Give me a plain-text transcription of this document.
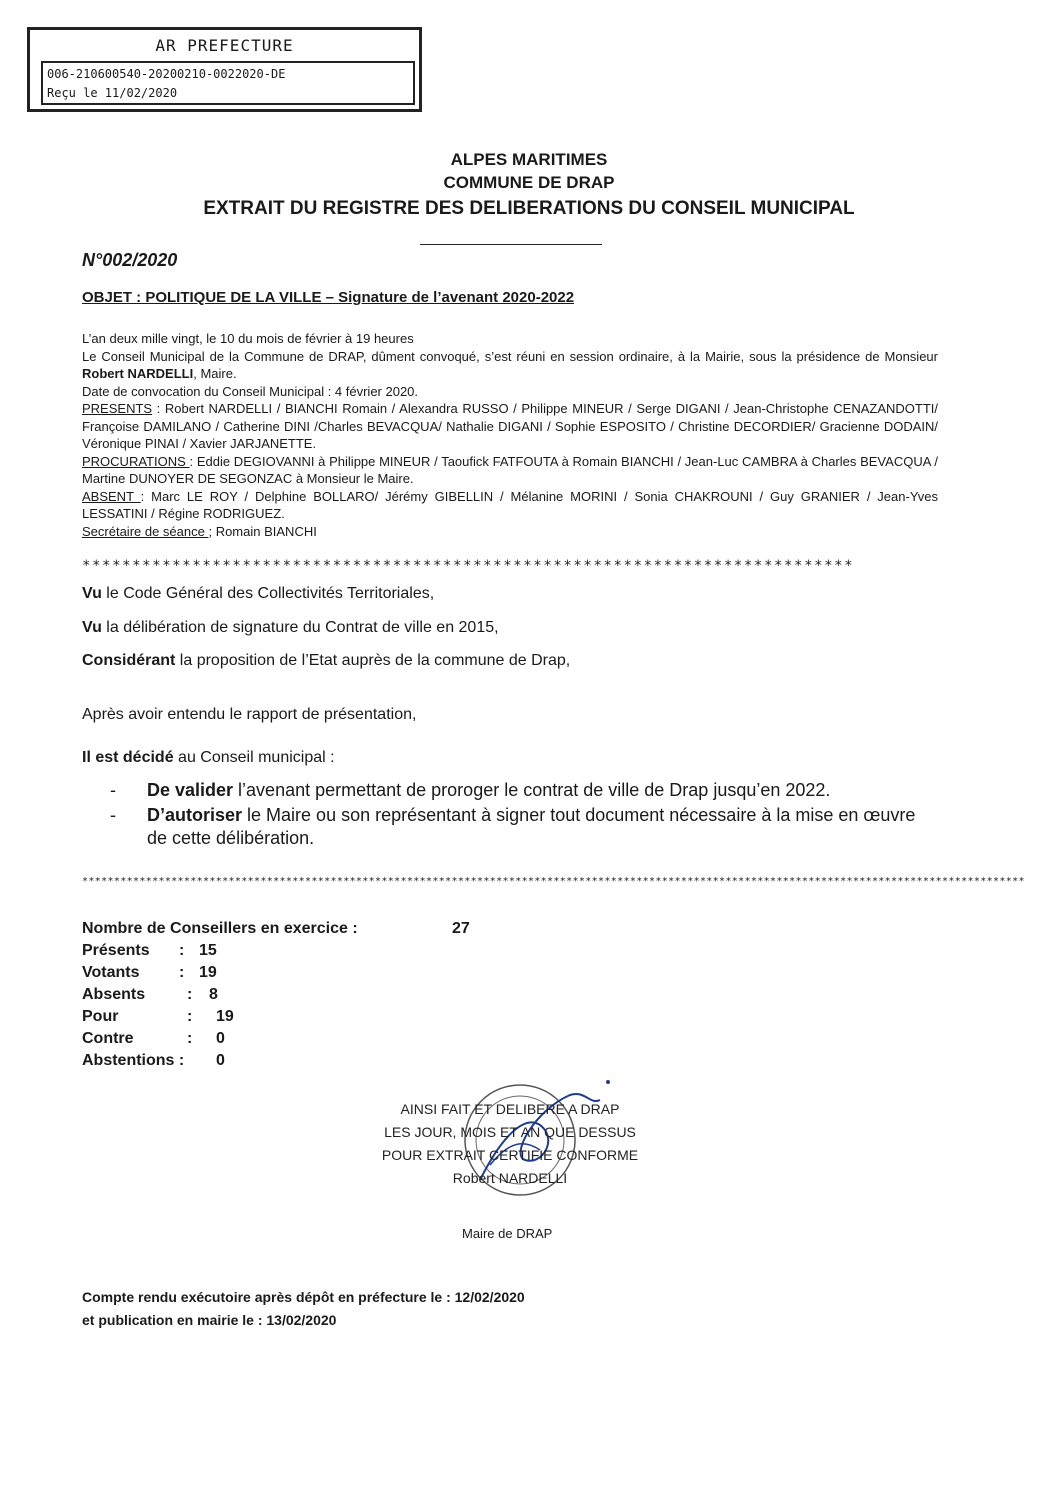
AR PREFECTURE
006-210600540-20200210-0022020-DE
Reçu le 11/02/2020
ALPES MARITIMES
COMMUNE DE DRAP
EXTRAIT DU REGISTRE DES DELIBERATIONS DU CONSEIL MUNICIPAL
N°002/2020
OBJET : POLITIQUE DE LA VILLE – Signature de l’avenant 2020-2022

L’an deux mille vingt, le 10 du mois de février à 19 heures

Le Conseil Municipal de la Commune de DRAP, dûment convoqué, s’est réuni en session ordinaire, à la Mairie, sous la présidence de Monsieur Robert NARDELLI, Maire.

Date de convocation du Conseil Municipal : 4 février 2020.

PRESENTS : Robert NARDELLI / BIANCHI Romain / Alexandra RUSSO / Philippe MINEUR / Serge DIGANI / Jean-Christophe CENAZANDOTTI/ Françoise DAMILANO / Catherine DINI /Charles BEVACQUA/ Nathalie DIGANI / Sophie ESPOSITO / Christine DECORDIER/ Gracienne DODAIN/ Véronique PINAI / Xavier JARJANETTE.

PROCURATIONS : Eddie DEGIOVANNI à Philippe MINEUR / Taoufick FATFOUTA à Romain BIANCHI / Jean-Luc CAMBRA à Charles BEVACQUA / Martine DUNOYER DE SEGONZAC à Monsieur le Maire.

ABSENT : Marc LE ROY / Delphine BOLLARO/ Jérémy GIBELLIN / Mélanine MORINI / Sonia CHAKROUNI / Guy GRANIER / Jean-Yves LESSATINI / Régine RODRIGUEZ.

Secrétaire de séance ; Romain BIANCHI

*****************************************************************************
Vu le Code Général des Collectivités Territoriales,
Vu la délibération de signature du Contrat de ville en 2015,
Considérant la proposition de l’Etat auprès de la commune de Drap,
Après avoir entendu le rapport de présentation,
Il est décidé au Conseil municipal :
- De valider l’avenant permettant de proroger le contrat de ville de Drap jusqu’en 2022.
- D’autoriser le Maire ou son représentant à signer tout document nécessaire à la mise en œuvre de cette délibération.
****************************************************************************************************************************************************
Nombre de Conseillers en exercice :	27
Présents : 15
Votants : 19
Absents	: 8
Pour	: 19
Contre	: 0
Abstentions : 0
AINSI FAIT ET DELIBERE A DRAP
LES JOUR, MOIS ET AN QUE DESSUS
POUR EXTRAIT CERTIFIE CONFORME
Robert NARDELLI
Maire de DRAP
Compte rendu exécutoire après dépôt en préfecture le : 12/02/2020
et publication en mairie le : 13/02/2020
